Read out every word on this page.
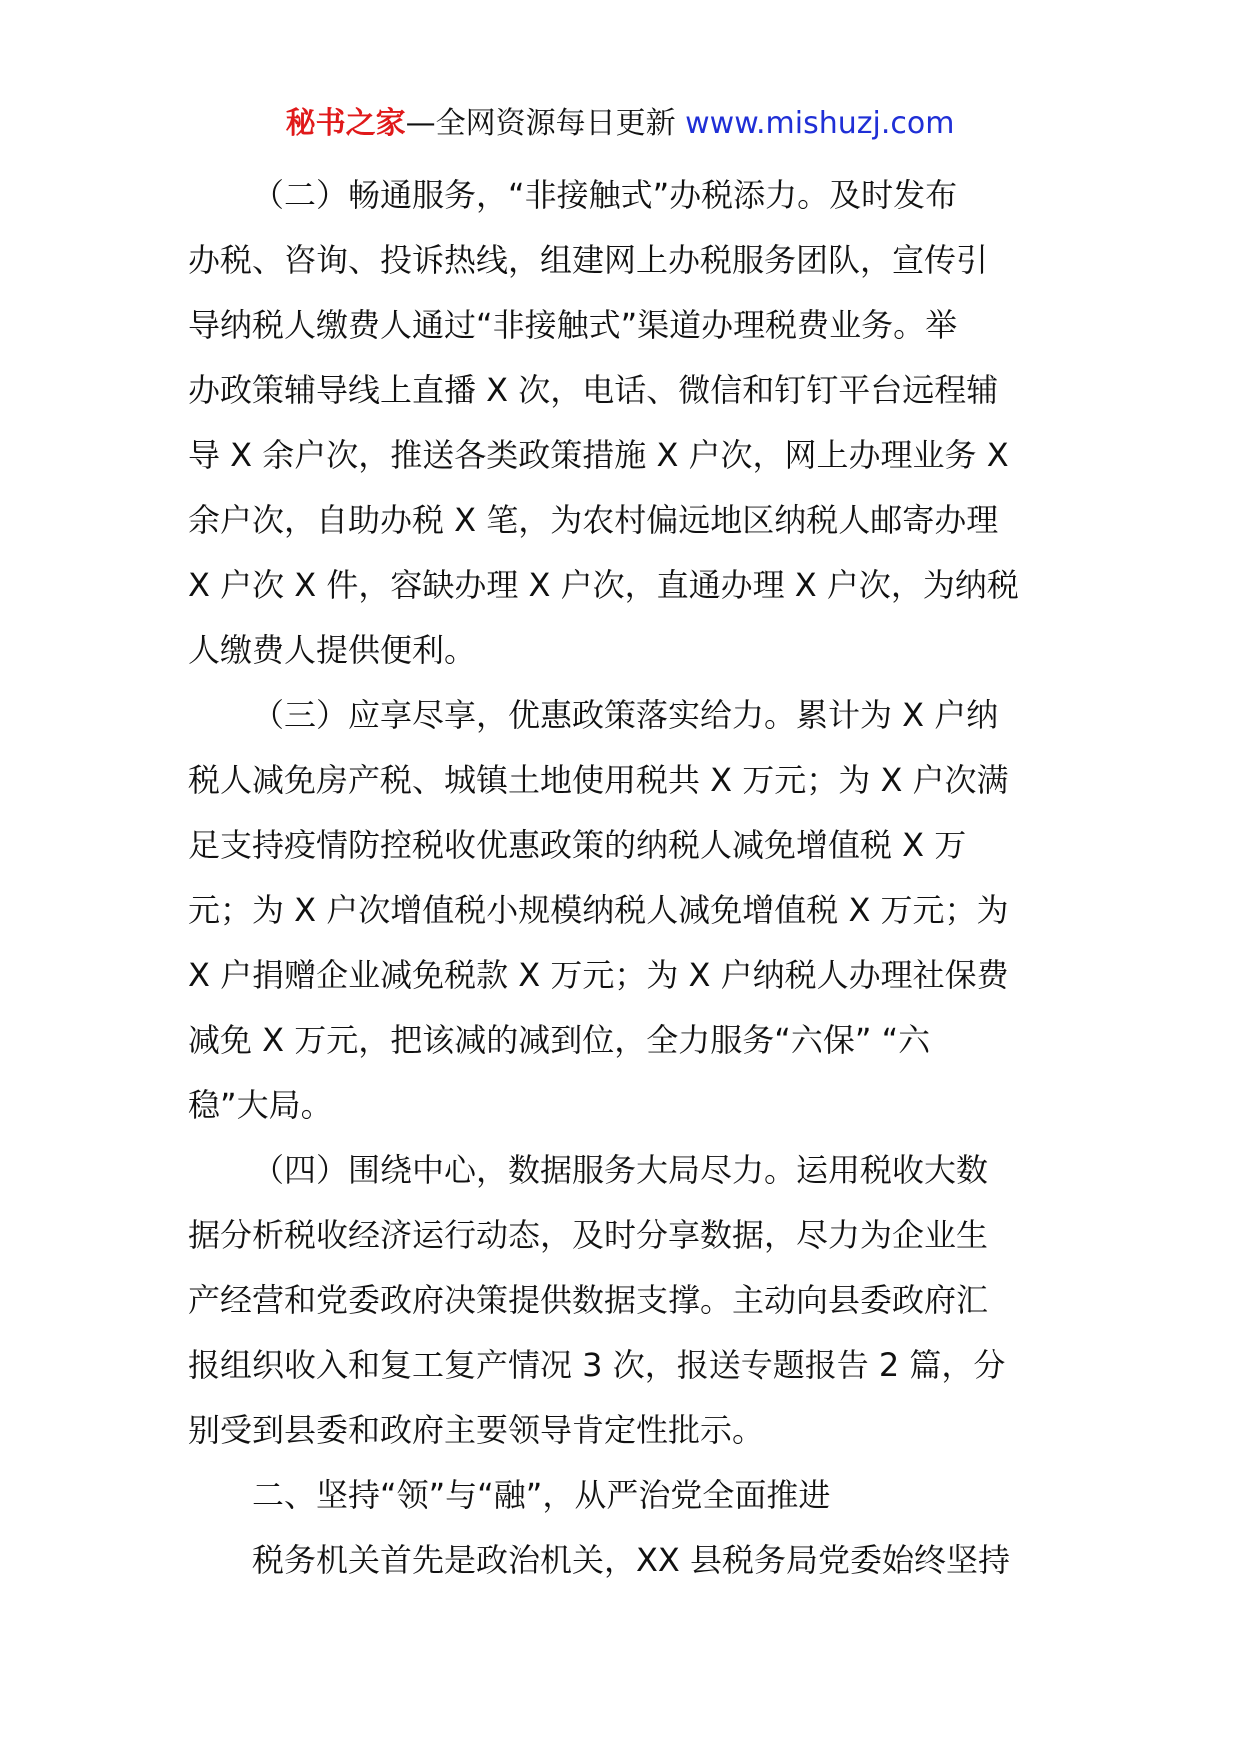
秘书之家—全网资源每日更新 www.mishuzj.com
（二）畅通服务，“非接触式”办税添力。及时发布
办税、咨询、投诉热线，组建网上办税服务团队，宣传引
导纳税人缴费人通过“非接触式”渠道办理税费业务。举
办政策辅导线上直播 X 次，电话、微信和钉钉平台远程辅
导 X 余户次，推送各类政策措施 X 户次，网上办理业务 X
余户次，自助办税 X 笔，为农村偏远地区纳税人邮寄办理
X 户次 X 件，容缺办理 X 户次，直通办理 X 户次，为纳税
人缴费人提供便利。
（三）应享尽享，优惠政策落实给力。累计为 X 户纳
税人减免房产税、城镇土地使用税共 X 万元；为 X 户次满
足支持疫情防控税收优惠政策的纳税人减免增值税 X 万
元；为 X 户次增值税小规模纳税人减免增值税 X 万元；为
X 户捐赠企业减免税款 X 万元；为 X 户纳税人办理社保费
减免 X 万元，把该减的减到位，全力服务“六保” “六
稳”大局。
（四）围绕中心，数据服务大局尽力。运用税收大数
据分析税收经济运行动态，及时分享数据，尽力为企业生
产经营和党委政府决策提供数据支撑。主动向县委政府汇
报组织收入和复工复产情况 3 次，报送专题报告 2 篇，分
别受到县委和政府主要领导肯定性批示。
二、坚持“领”与“融”，从严治党全面推进
税务机关首先是政治机关，XX 县税务局党委始终坚持
